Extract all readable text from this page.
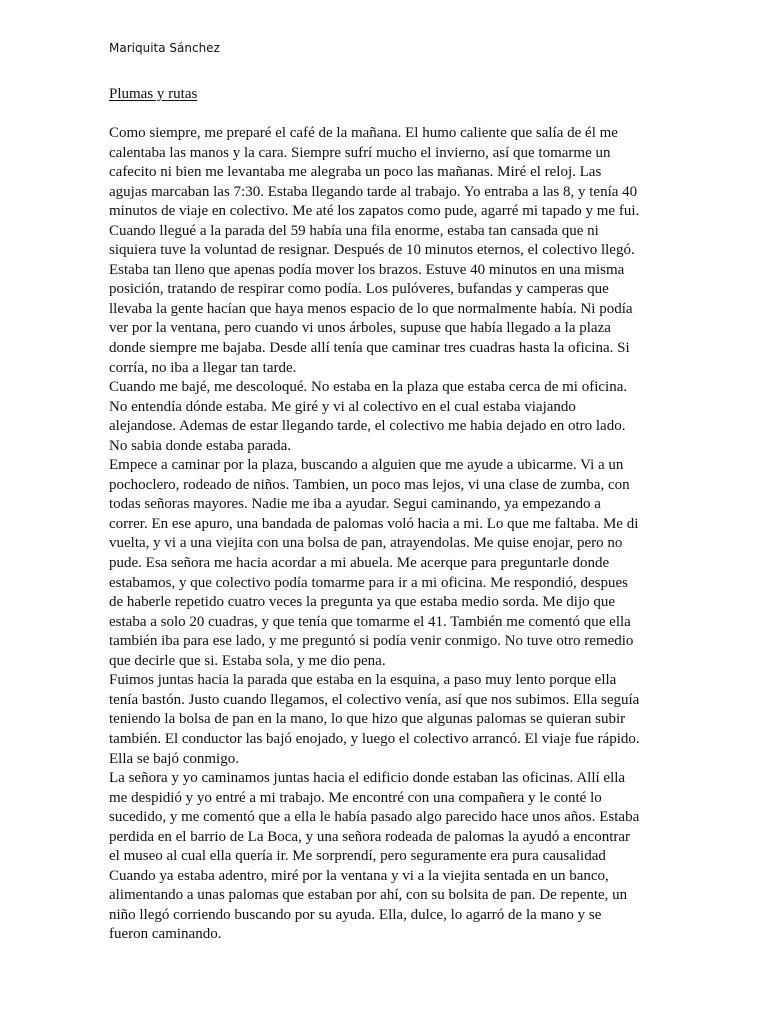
Mariquita Sánchez
Plumas y rutas
Como siempre, me preparé el café de la mañana. El humo caliente que salía de él me
calentaba las manos y la cara. Siempre sufrí mucho el invierno, así que tomarme un
cafecito ni bien me levantaba me alegraba un poco las mañanas. Miré el reloj. Las
agujas marcaban las 7:30. Estaba llegando tarde al trabajo. Yo entraba a las 8, y tenía 40
minutos de viaje en colectivo. Me até los zapatos como pude, agarré mi tapado y me fui.
Cuando llegué a la parada del 59 había una fila enorme, estaba tan cansada que ni
siquiera tuve la voluntad de resignar. Después de 10 minutos eternos, el colectivo llegó.
Estaba tan lleno que apenas podía mover los brazos. Estuve 40 minutos en una misma
posición, tratando de respirar como podía. Los pulóveres, bufandas y camperas que
llevaba la gente hacían que haya menos espacio de lo que normalmente había. Ni podía
ver por la ventana, pero cuando vi unos árboles, supuse que había llegado a la plaza
donde siempre me bajaba. Desde allí tenía que caminar tres cuadras hasta la oficina. Si
corría, no iba a llegar tan tarde.
Cuando me bajé, me descoloqué. No estaba en la plaza que estaba cerca de mi oficina.
No entendía dónde estaba. Me giré y vi al colectivo en el cual estaba viajando
alejandose. Ademas de estar llegando tarde, el colectivo me habia dejado en otro lado.
No sabia donde estaba parada.
Empece a caminar por la plaza, buscando a alguien que me ayude a ubicarme. Vi a un
pochoclero, rodeado de niños. Tambien, un poco mas lejos, vi una clase de zumba, con
todas señoras mayores. Nadie me iba a ayudar. Segui caminando, ya empezando a
correr. En ese apuro, una bandada de palomas voló hacia a mi. Lo que me faltaba. Me di
vuelta, y vi a una viejita con una bolsa de pan, atrayendolas. Me quise enojar, pero no
pude. Esa señora me hacia acordar a mi abuela. Me acerque para preguntarle donde
estabamos, y que colectivo podía tomarme para ir a mi oficina. Me respondió, despues
de haberle repetido cuatro veces la pregunta ya que estaba medio sorda. Me dijo que
estaba a solo 20 cuadras, y que tenía que tomarme el 41. También me comentó que ella
también iba para ese lado, y me preguntó si podía venir conmigo. No tuve otro remedio
que decirle que si. Estaba sola, y me dio pena.
Fuimos juntas hacia la parada que estaba en la esquina, a paso muy lento porque ella
tenía bastón. Justo cuando llegamos, el colectivo venía, así que nos subimos. Ella seguía
teniendo la bolsa de pan en la mano, lo que hizo que algunas palomas se quieran subir
también. El conductor las bajó enojado, y luego el colectivo arrancó. El viaje fue rápido.
Ella se bajó conmigo.
La señora y yo caminamos juntas hacia el edificio donde estaban las oficinas. Allí ella
me despidió y yo entré a mi trabajo. Me encontré con una compañera y le conté lo
sucedido, y me comentó que a ella le había pasado algo parecido hace unos años. Estaba
perdida en el barrio de La Boca, y una señora rodeada de palomas la ayudó a encontrar
el museo al cual ella quería ir. Me sorprendí, pero seguramente era pura causalidad
Cuando ya estaba adentro, miré por la ventana y vi a la viejita sentada en un banco,
alimentando a unas palomas que estaban por ahí, con su bolsita de pan. De repente, un
niño llegó corriendo buscando por su ayuda. Ella, dulce, lo agarró de la mano y se
fueron caminando.
